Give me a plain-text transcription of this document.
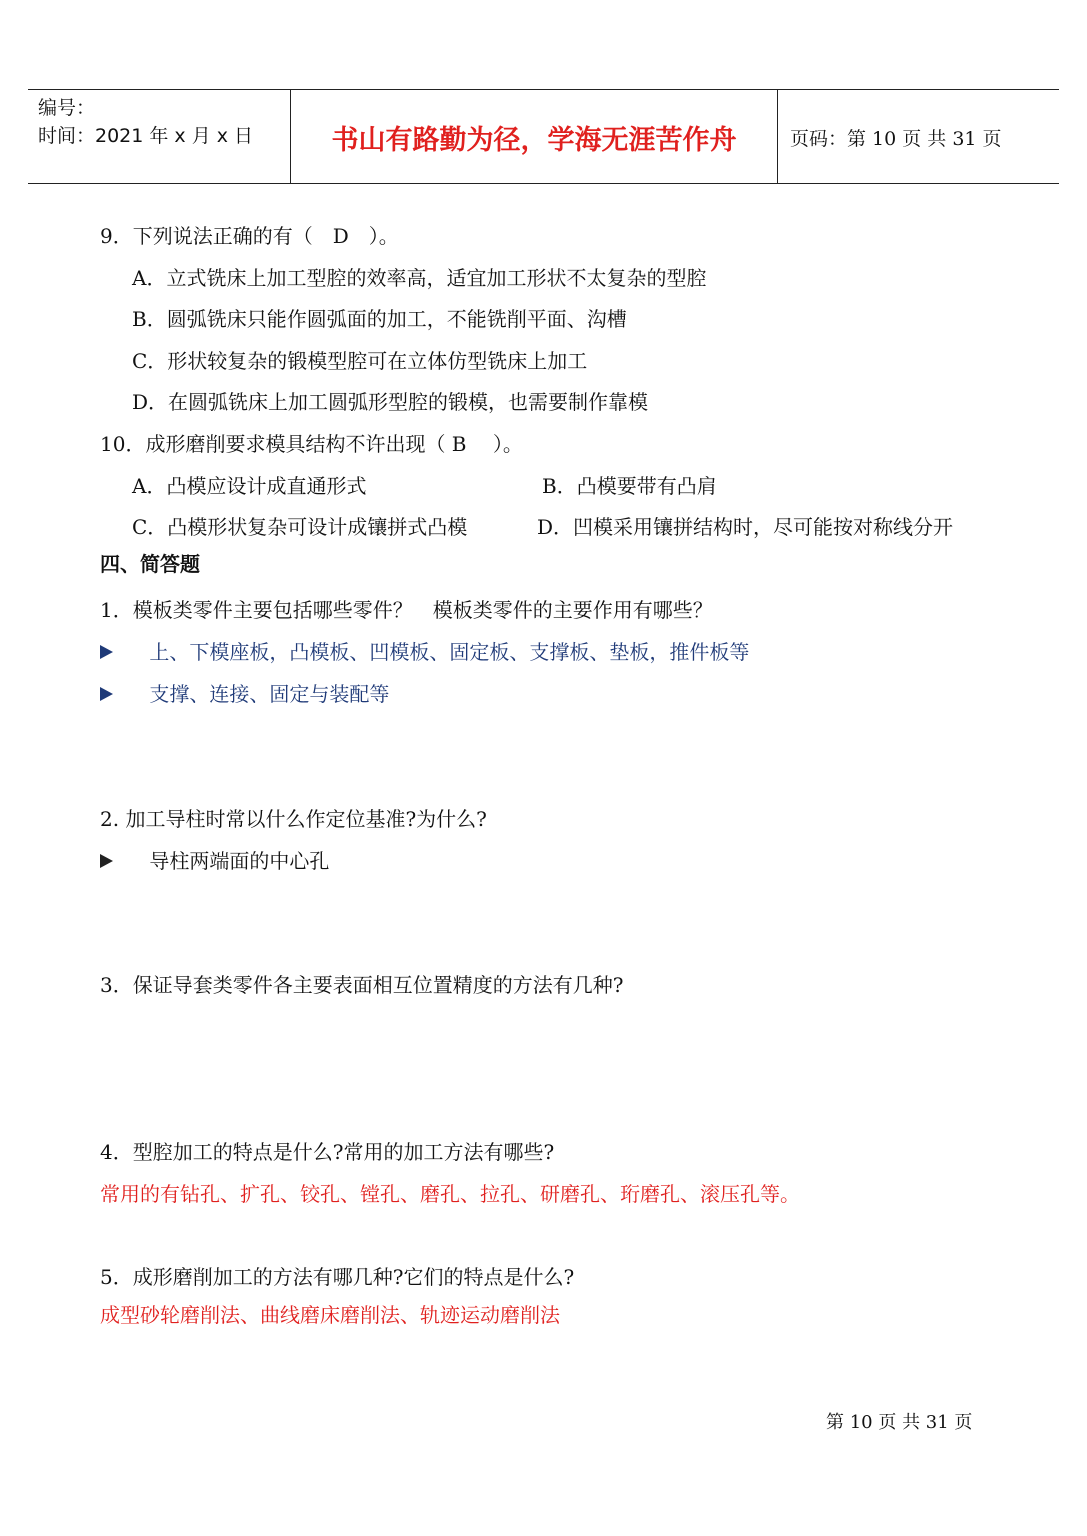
编号：
时间：2021 年 x 月 x 日	书山有路勤为径，学海无涯苦作舟	页码：第 10 页 共 31 页
9．下列说法正确的有（　D　）。
A．立式铣床上加工型腔的效率高，适宜加工形状不太复杂的型腔
B．圆弧铣床只能作圆弧面的加工，不能铣削平面、沟槽
C．形状较复杂的锻模型腔可在立体仿型铣床上加工
D．在圆弧铣床上加工圆弧形型腔的锻模，也需要制作靠模
10．成形磨削要求模具结构不许出现（ B　 ）。
A．凸模应设计成直通形式	B．凸模要带有凸肩
C．凸模形状复杂可设计成镶拼式凸模	D．凹模采用镶拼结构时，尽可能按对称线分开
四、简答题
1．模板类零件主要包括哪些零件？　模板类零件的主要作用有哪些？
上、下模座板，凸模板、凹模板、固定板、支撑板、垫板，推件板等
支撑、连接、固定与装配等
2. 加工导柱时常以什么作定位基准?为什么?
导柱两端面的中心孔
3．保证导套类零件各主要表面相互位置精度的方法有几种?
4．型腔加工的特点是什么?常用的加工方法有哪些?
常用的有钻孔、扩孔、铰孔、镗孔、磨孔、拉孔、研磨孔、珩磨孔、滚压孔等。
5．成形磨削加工的方法有哪几种?它们的特点是什么?
成型砂轮磨削法、曲线磨床磨削法、轨迹运动磨削法
第 10 页 共 31 页
